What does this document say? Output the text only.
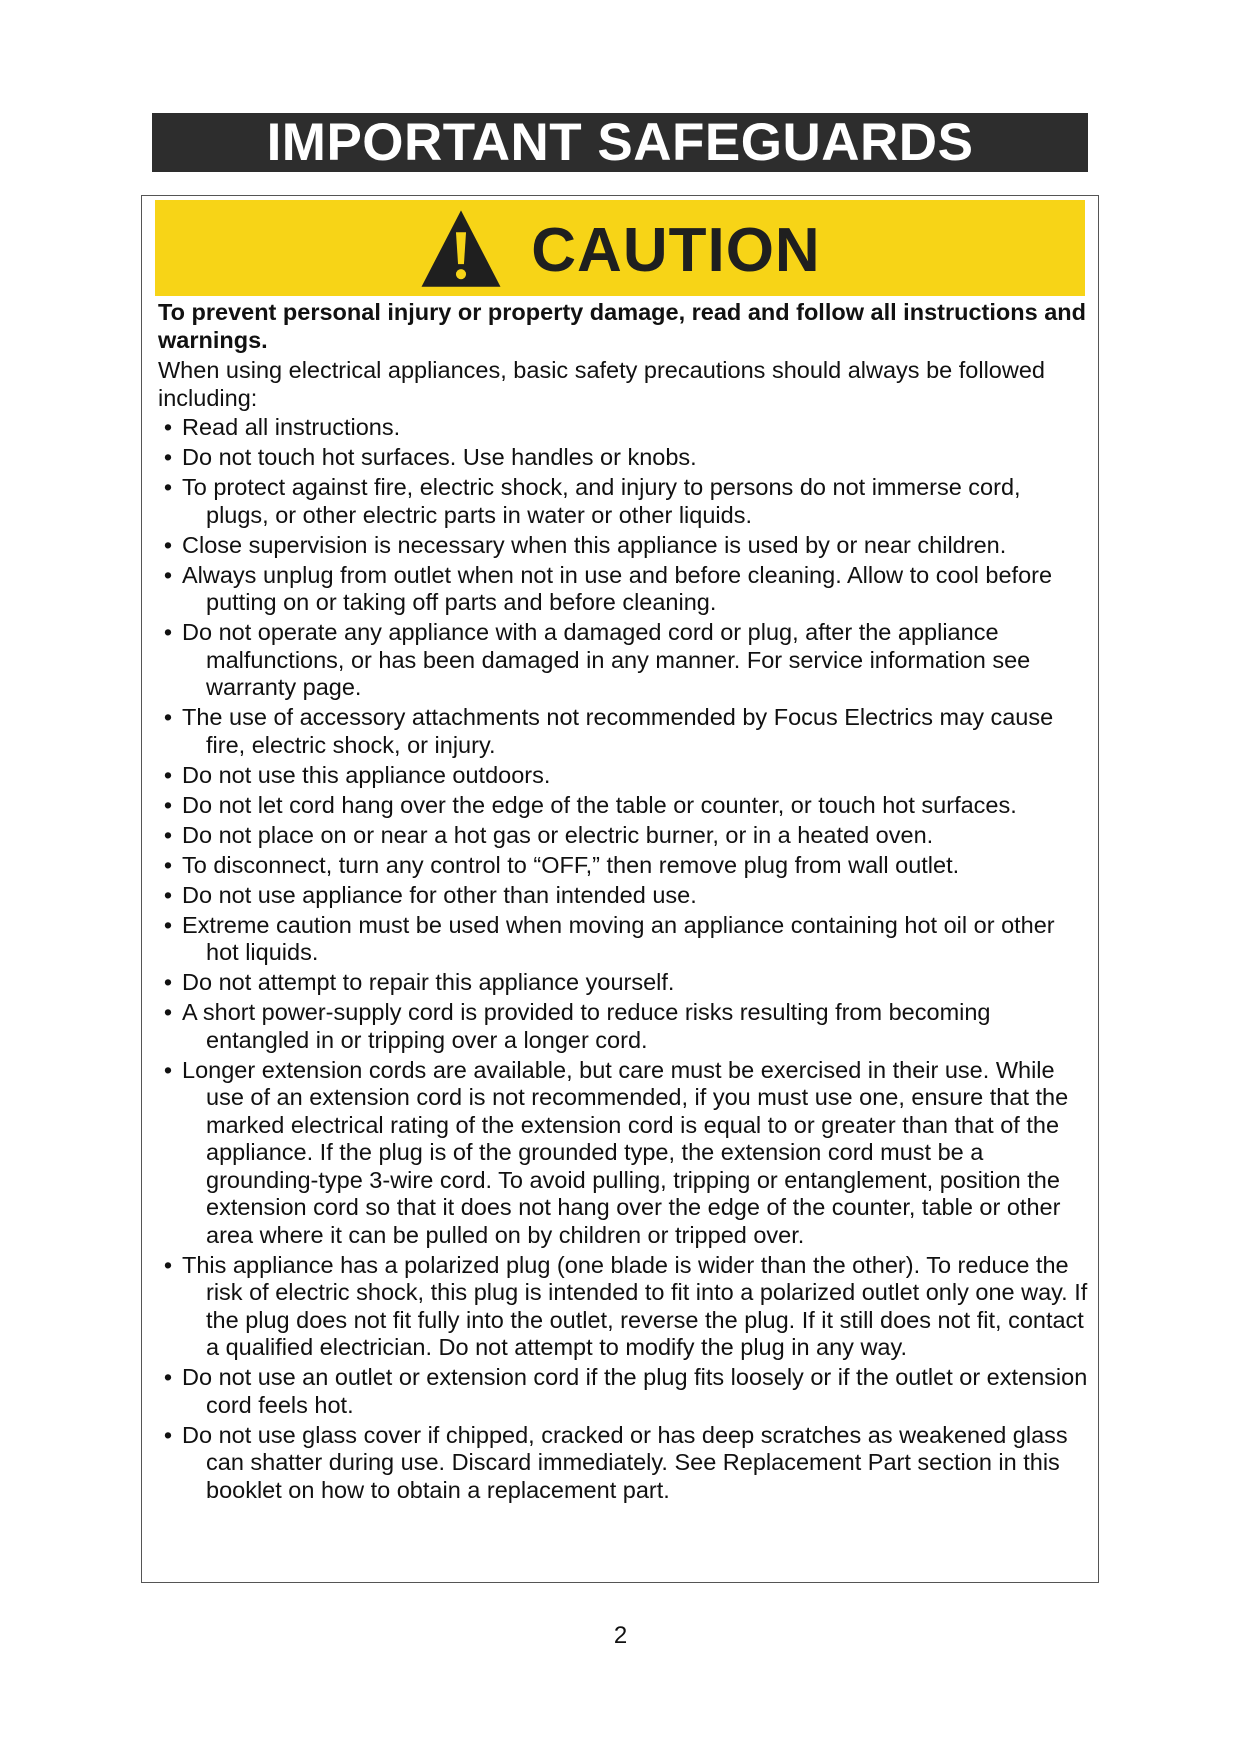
IMPORTANT SAFEGUARDS
CAUTION

To prevent personal injury or property damage, read and follow all instructions and warnings.

When using electrical appliances, basic safety precautions should always be followed including:

• Read all instructions.
• Do not touch hot surfaces. Use handles or knobs.
• To protect against fire, electric shock, and injury to persons do not immerse cord, plugs, or other electric parts in water or other liquids.
• Close supervision is necessary when this appliance is used by or near children.
• Always unplug from outlet when not in use and before cleaning. Allow to cool before putting on or taking off parts and before cleaning.
• Do not operate any appliance with a damaged cord or plug, after the appliance malfunctions, or has been damaged in any manner. For service information see warranty page.
• The use of accessory attachments not recommended by Focus Electrics may cause fire, electric shock, or injury.
• Do not use this appliance outdoors.
• Do not let cord hang over the edge of the table or counter, or touch hot surfaces.
• Do not place on or near a hot gas or electric burner, or in a heated oven.
• To disconnect, turn any control to “OFF,” then remove plug from wall outlet.
• Do not use appliance for other than intended use.
• Extreme caution must be used when moving an appliance containing hot oil or other hot liquids.
• Do not attempt to repair this appliance yourself.
• A short power-supply cord is provided to reduce risks resulting from becoming entangled in or tripping over a longer cord.
• Longer extension cords are available, but care must be exercised in their use. While use of an extension cord is not recommended, if you must use one, ensure that the marked electrical rating of the extension cord is equal to or greater than that of the appliance. If the plug is of the grounded type, the extension cord must be a grounding-type 3-wire cord. To avoid pulling, tripping or entanglement, position the extension cord so that it does not hang over the edge of the counter, table or other area where it can be pulled on by children or tripped over.
• This appliance has a polarized plug (one blade is wider than the other). To reduce the risk of electric shock, this plug is intended to fit into a polarized outlet only one way. If the plug does not fit fully into the outlet, reverse the plug. If it still does not fit, contact a qualified electrician. Do not attempt to modify the plug in any way.
• Do not use an outlet or extension cord if the plug fits loosely or if the outlet or extension cord feels hot.
• Do not use glass cover if chipped, cracked or has deep scratches as weakened glass can shatter during use. Discard immediately. See Replacement Part section in this booklet on how to obtain a replacement part.
2
